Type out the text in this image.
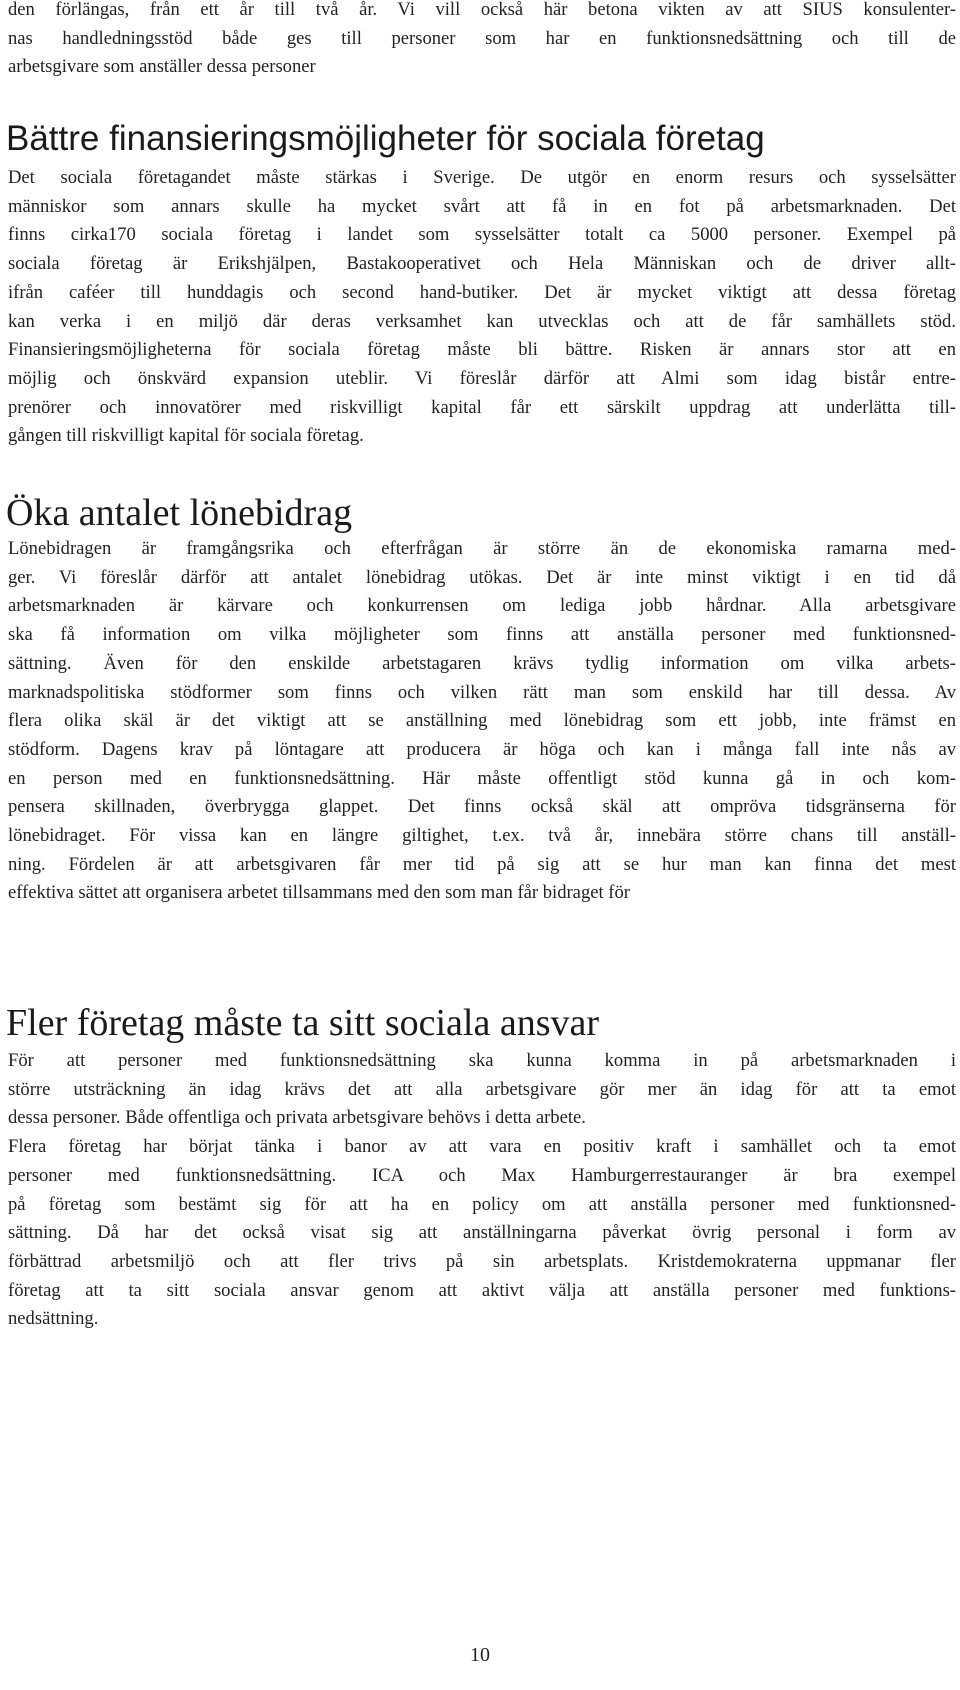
den förlängas, från ett år till två år. Vi vill också här betona vikten av att SIUS konsulenter-
nas handledningsstöd både ges till personer som har en funktionsnedsättning och till de
arbetsgivare som anställer dessa personer
Bättre finansieringsmöjligheter för sociala företag
Det sociala företagandet måste stärkas i Sverige. De utgör en enorm resurs och sysselsätter
människor som annars skulle ha mycket svårt att få in en fot på arbetsmarknaden. Det
finns cirka170 sociala företag i landet som sysselsätter totalt ca 5000 personer. Exempel på
sociala företag är Erikshjälpen, Bastakooperativet och Hela Människan och de driver allt-
ifrån caféer till hunddagis och second hand-butiker. Det är mycket viktigt att dessa företag
kan verka i en miljö där deras verksamhet kan utvecklas och att de får samhällets stöd.
Finansieringsmöjligheterna för sociala företag måste bli bättre. Risken är annars stor att en
möjlig och önskvärd expansion uteblir. Vi föreslår därför att Almi som idag bistår entre-
prenörer och innovatörer med riskvilligt kapital får ett särskilt uppdrag att underlätta till-
gången till riskvilligt kapital för sociala företag.
Öka antalet lönebidrag
Lönebidragen är framgångsrika och efterfrågan är större än de ekonomiska ramarna med-
ger. Vi föreslår därför att antalet lönebidrag utökas. Det är inte minst viktigt i en tid då
arbetsmarknaden är kärvare och konkurrensen om lediga jobb hårdnar. Alla arbetsgivare
ska få information om vilka möjligheter som finns att anställa personer med funktionsned-
sättning. Även för den enskilde arbetstagaren krävs tydlig information om vilka arbets-
marknadspolitiska stödformer som finns och vilken rätt man som enskild har till dessa. Av
flera olika skäl är det viktigt att se anställning med lönebidrag som ett jobb, inte främst en
stödform. Dagens krav på löntagare att producera är höga och kan i många fall inte nås av
en person med en funktionsnedsättning. Här måste offentligt stöd kunna gå in och kom-
pensera skillnaden, överbrygga glappet. Det finns också skäl att ompröva tidsgränserna för
lönebidraget. För vissa kan en längre giltighet, t.ex. två år, innebära större chans till anställ-
ning. Fördelen är att arbetsgivaren får mer tid på sig att se hur man kan finna det mest
effektiva sättet att organisera arbetet tillsammans med den som man får bidraget för
Fler företag måste ta sitt sociala ansvar
För att personer med funktionsnedsättning ska kunna komma in på arbetsmarknaden i
större utsträckning än idag krävs det att alla arbetsgivare gör mer än idag för att ta emot
dessa personer. Både offentliga och privata arbetsgivare behövs i detta arbete.
Flera företag har börjat tänka i banor av att vara en positiv kraft i samhället och ta emot
personer med funktionsnedsättning. ICA och Max Hamburgerrestauranger är bra exempel
på företag som bestämt sig för att ha en policy om att anställa personer med funktionsned-
sättning. Då har det också visat sig att anställningarna påverkat övrig personal i form av
förbättrad arbetsmiljö och att fler trivs på sin arbetsplats. Kristdemokraterna uppmanar fler
företag att ta sitt sociala ansvar genom att aktivt välja att anställa personer med funktions-
nedsättning.
10
